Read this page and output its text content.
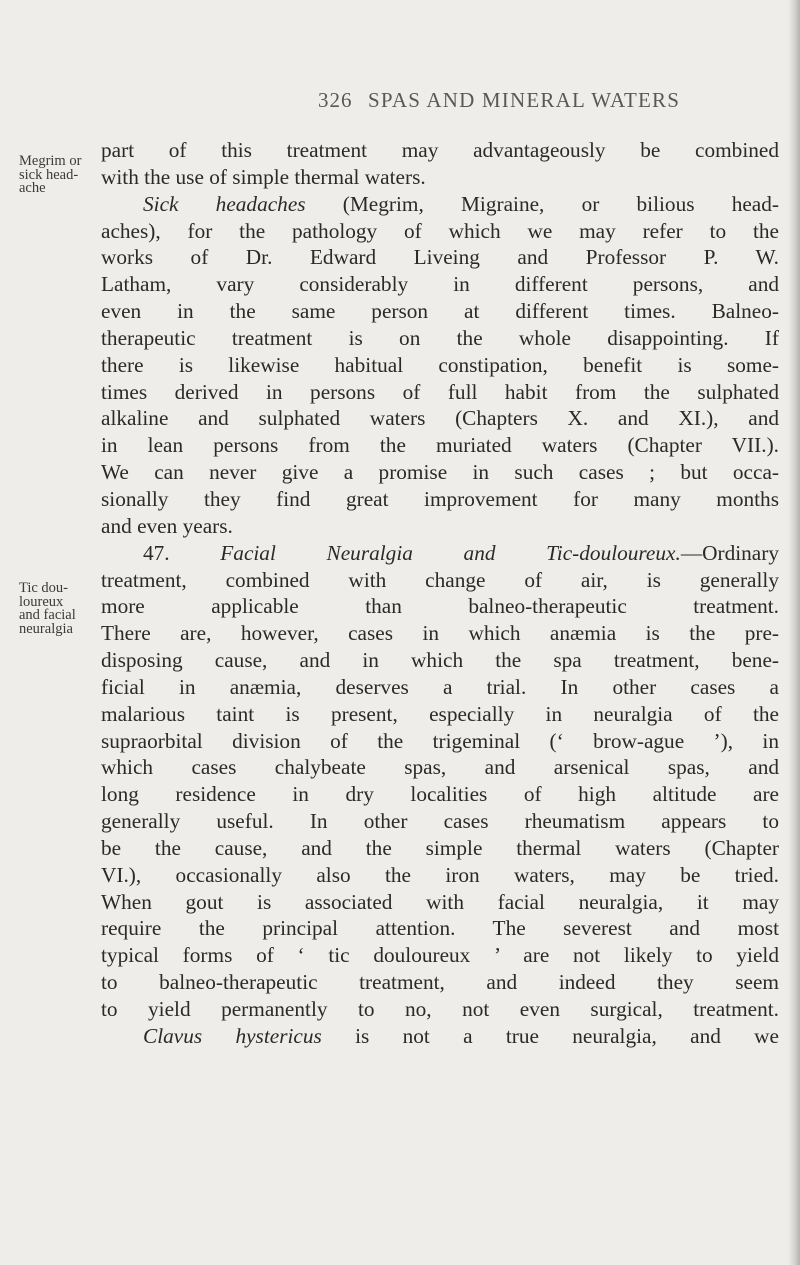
326 SPAS AND MINERAL WATERS
Megrim or
sick head-
ache
Tic dou-
loureux
and facial
neuralgia
part of this treatment may advantageously be combined
with the use of simple thermal waters.
Sick headaches (Megrim, Migraine, or bilious head-
aches), for the pathology of which we may refer to the
works of Dr. Edward Liveing and Professor P. W.
Latham, vary considerably in different persons, and
even in the same person at different times. Balneo-
therapeutic treatment is on the whole disappointing. If
there is likewise habitual constipation, benefit is some-
times derived in persons of full habit from the sulphated
alkaline and sulphated waters (Chapters X. and XI.), and
in lean persons from the muriated waters (Chapter VII.).
We can never give a promise in such cases ; but occa-
sionally they find great improvement for many months
and even years.
47. Facial Neuralgia and Tic-douloureux.—Ordinary
treatment, combined with change of air, is generally
more applicable than balneo-therapeutic treatment.
There are, however, cases in which anæmia is the pre-
disposing cause, and in which the spa treatment, bene-
ficial in anæmia, deserves a trial. In other cases a
malarious taint is present, especially in neuralgia of the
supraorbital division of the trigeminal (‘ brow-ague ’), in
which cases chalybeate spas, and arsenical spas, and
long residence in dry localities of high altitude are
generally useful. In other cases rheumatism appears to
be the cause, and the simple thermal waters (Chapter
VI.), occasionally also the iron waters, may be tried.
When gout is associated with facial neuralgia, it may
require the principal attention. The severest and most
typical forms of ‘ tic douloureux ’ are not likely to yield
to balneo-therapeutic treatment, and indeed they seem
to yield permanently to no, not even surgical, treatment.
Clavus hystericus is not a true neuralgia, and we
